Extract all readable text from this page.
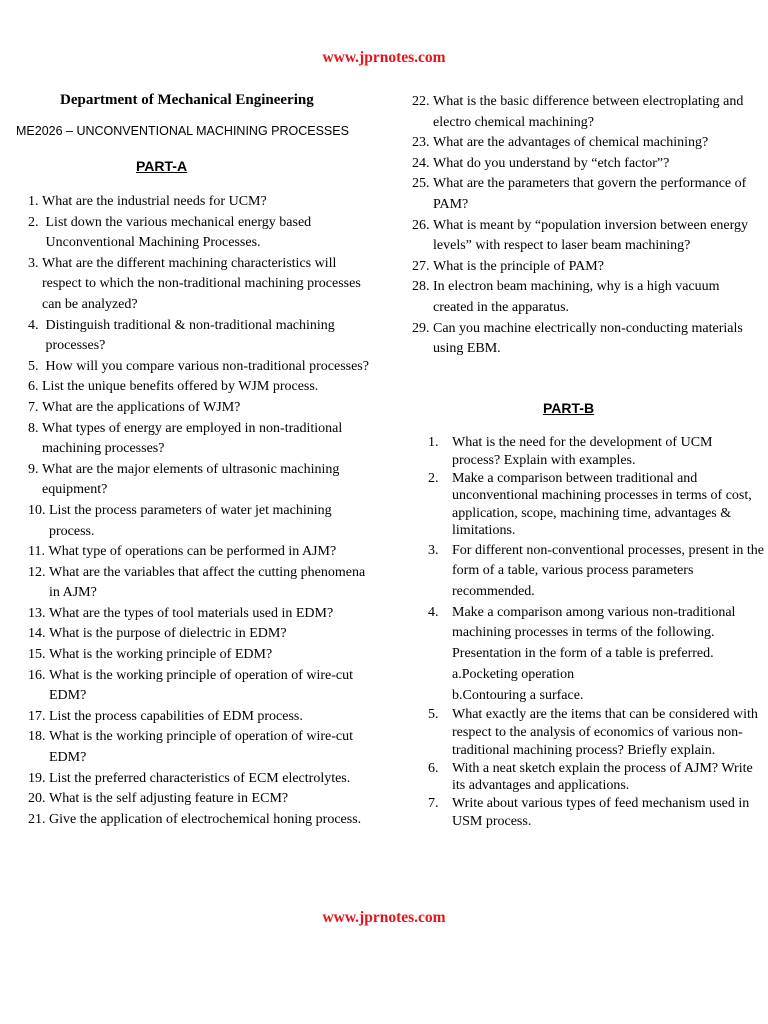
www.jprnotes.com
Department of Mechanical Engineering
ME2026 – UNCONVENTIONAL MACHINING PROCESSES
PART-A
1. What are the industrial needs for UCM?
2. List down the various mechanical energy based Unconventional Machining Processes.
3. What are the different machining characteristics will respect to which the non-traditional machining processes can be analyzed?
4. Distinguish traditional & non-traditional machining processes?
5. How will you compare various non-traditional processes?
6. List the unique benefits offered by WJM process.
7. What are the applications of WJM?
8. What types of energy are employed in non-traditional machining processes?
9. What are the major elements of ultrasonic machining equipment?
10. List the process parameters of water jet machining process.
11. What type of operations can be performed in AJM?
12. What are the variables that affect the cutting phenomena in AJM?
13. What are the types of tool materials used in EDM?
14. What is the purpose of dielectric in EDM?
15. What is the working principle of EDM?
16. What is the working principle of operation of wire-cut EDM?
17. List the process capabilities of EDM process.
18. What is the working principle of operation of wire-cut EDM?
19. List the preferred characteristics of ECM electrolytes.
20. What is the self adjusting feature in ECM?
21. Give the application of electrochemical honing process.
22. What is the basic difference between electroplating and electro chemical machining?
23. What are the advantages of chemical machining?
24. What do you understand by “etch factor”?
25. What are the parameters that govern the performance of PAM?
26. What is meant by “population inversion between energy levels” with respect to laser beam machining?
27. What is the principle of PAM?
28. In electron beam machining, why is a high vacuum created in the apparatus.
29. Can you machine electrically non-conducting materials using EBM.
PART-B
1. What is the need for the development of UCM process? Explain with examples.
2. Make a comparison between traditional and unconventional machining processes in terms of cost, application, scope, machining time, advantages & limitations.
3. For different non-conventional processes, present in the form of a table, various process parameters recommended.
4. Make a comparison among various non-traditional machining processes in terms of the following. Presentation in the form of a table is preferred.
a.Pocketing operation
b.Contouring a surface.
5. What exactly are the items that can be considered with respect to the analysis of economics of various non-traditional machining process? Briefly explain.
6. With a neat sketch explain the process of AJM? Write its advantages and applications.
7. Write about various types of feed mechanism used in USM process.
www.jprnotes.com
